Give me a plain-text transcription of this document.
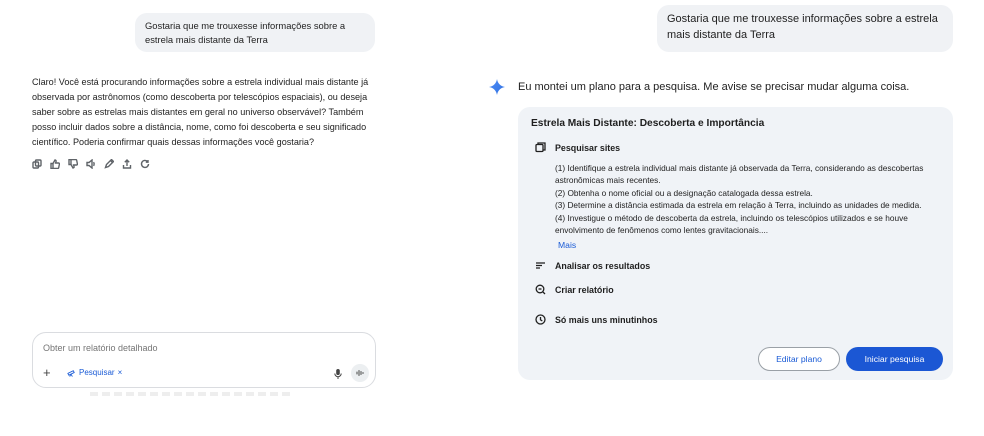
Gostaria que me trouxesse informações sobre a estrela mais distante da Terra
Claro! Você está procurando informações sobre a estrela individual mais distante já observada por astrônomos (como descoberta por telescópios espaciais), ou deseja saber sobre as estrelas mais distantes em geral no universo observável? Também posso incluir dados sobre a distância, nome, como foi descoberta e seu significado científico. Poderia confirmar quais dessas informações você gostaria?
Obter um relatório detalhado
+	Pesquisar ×
Gostaria que me trouxesse informações sobre a estrela mais distante da Terra
Eu montei um plano para a pesquisa. Me avise se precisar mudar alguma coisa.
Estrela Mais Distante: Descoberta e Importância
Pesquisar sites
(1) Identifique a estrela individual mais distante já observada da Terra, considerando as descobertas astronômicas mais recentes.
(2) Obtenha o nome oficial ou a designação catalogada dessa estrela.
(3) Determine a distância estimada da estrela em relação à Terra, incluindo as unidades de medida.
(4) Investigue o método de descoberta da estrela, incluindo os telescópios utilizados e se houve envolvimento de fenômenos como lentes gravitacionais....
Mais
Analisar os resultados
Criar relatório
Só mais uns minutinhos
Editar plano	Iniciar pesquisa
